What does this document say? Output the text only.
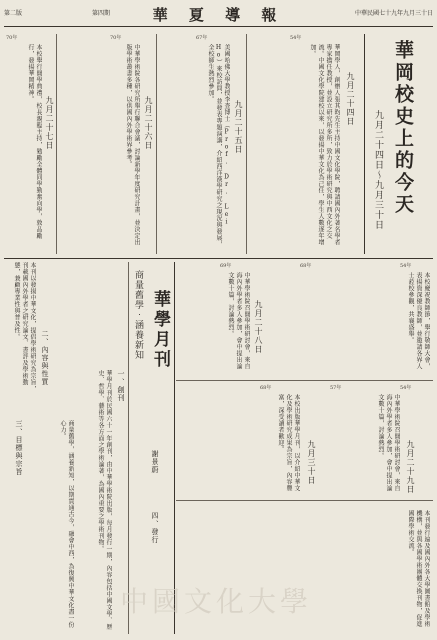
第二版	第四期	華 夏 導 報	中華民國七十九年九月三十日
華岡校史上的今天
九月二十四日～九月三十日
54年
九月二十四日
華岡學人，創辦人張其昀先生主持中國文化學院，聘請國內外著名學者專家擔任教授，並設立研究所多所，致力於學術研究與中西文化之交流。中國文化學院建校以來，以發揚中華文化為己任，學生人數逐年增加。
67年
九月二十五日
美國哈佛大學教授李查博士（Prof. Dr. Lei Ho）來校訪問，並發表專題演講，介紹西洋漢學研究之現況與發展，全校師生熱烈參加。
70年
九月二十六日
中華學術院各研究所舉行聯合會議，討論新學年度研究計畫，並決定出版學術叢書多種，以供國內外學術界參考。
70年
九月二十七日
本校舉行開學典禮，校長親臨主持，勉勵全體同學勤奮向學，敦品勵行，發揚華岡精神。
69年	68年	54年
九月二十八日	本校慶祝教師節，舉行敬師大會，表揚資深優良教師，並邀請各界人士蒞校參觀，共襄盛舉。
中華學術院召開學術研討會，來自海內外學者多人參加，會中提出論文數十篇，討論熱烈。
54年
57年
九月二十九日
中華學術院召開學術研討會，來自海內外學者多人參加，會中提出論文數十篇，討論熱烈。
68年
九月三十日
本校出版華學月刊，以介紹中華文化及學術研究成果為宗旨，內容豐富，深受讀者歡迎。
華學月刊
商量舊學‧涵養新知
謝景蔚
一、創刊
華學月刊於民國六十一年創刊，由中華學術院出版，每月發行一期，內容包括中國文學、歷史、哲學、藝術等各方面之學術論著，為國內重要之學術刊物。
二、內容與性質
本刊以發揚中華文化，提倡學術研究為宗旨，刊載國內外學者之研究論文、書評及學術動態，兼顧專業性與普及性。
三、目標與宗旨	商量舊學，涵養新知，以期貫通古今，融會中西，為復興中華文化盡一份心力。
四、發行	本刊發行遍及國內外各大學圖書館及學術機構，並與各國學術團體交換刊物，促進國際學術交流。
中國文化大學
